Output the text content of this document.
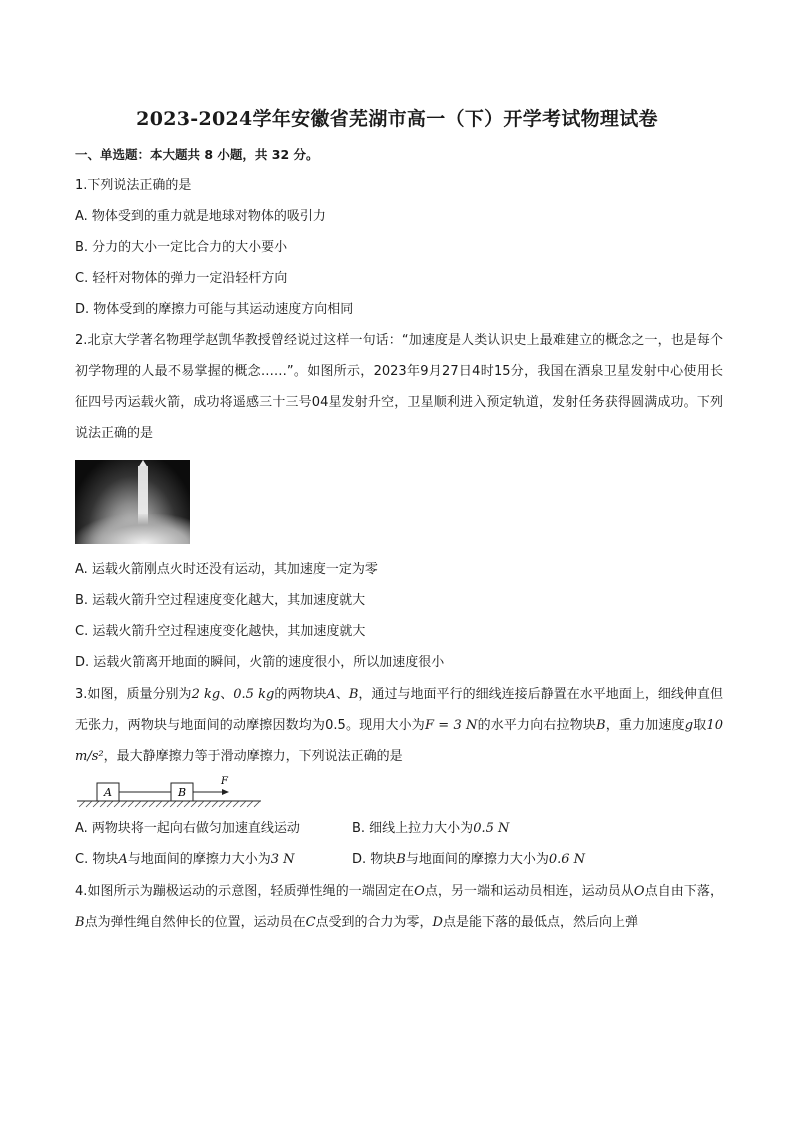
2023-2024学年安徽省芜湖市高一（下）开学考试物理试卷
一、单选题：本大题共 8 小题，共 32 分。
1.下列说法正确的是
A. 物体受到的重力就是地球对物体的吸引力
B. 分力的大小一定比合力的大小要小
C. 轻杆对物体的弹力一定沿轻杆方向
D. 物体受到的摩擦力可能与其运动速度方向相同
2.北京大学著名物理学赵凯华教授曾经说过这样一句话：“加速度是人类认识史上最难建立的概念之一，也是每个初学物理的人最不易掌握的概念……”。如图所示，2023年9月27日4时15分，我国在酒泉卫星发射中心使用长征四号丙运载火箭，成功将遥感三十三号04星发射升空，卫星顺利进入预定轨道，发射任务获得圆满成功。下列说法正确的是
A. 运载火箭刚点火时还没有运动，其加速度一定为零
B. 运载火箭升空过程速度变化越大，其加速度就大
C. 运载火箭升空过程速度变化越快，其加速度就大
D. 运载火箭离开地面的瞬间，火箭的速度很小，所以加速度很小
3.如图，质量分别为2 kg、0.5 kg的两物块A、B，通过与地面平行的细线连接后静置在水平地面上，细线伸直但无张力，两物块与地面间的动摩擦因数均为0.5。现用大小为F = 3 N的水平力向右拉物块B，重力加速度g取10 m/s²，最大静摩擦力等于滑动摩擦力，下列说法正确的是
A	B
F
A. 两物块将一起向右做匀加速直线运动	B. 细线上拉力大小为0.5 N
C. 物块A与地面间的摩擦力大小为3 N	D. 物块B与地面间的摩擦力大小为0.6 N
4.如图所示为蹦极运动的示意图，轻质弹性绳的一端固定在O点，另一端和运动员相连，运动员从O点自由下落，B点为弹性绳自然伸长的位置，运动员在C点受到的合力为零，D点是能下落的最低点，然后向上弹
